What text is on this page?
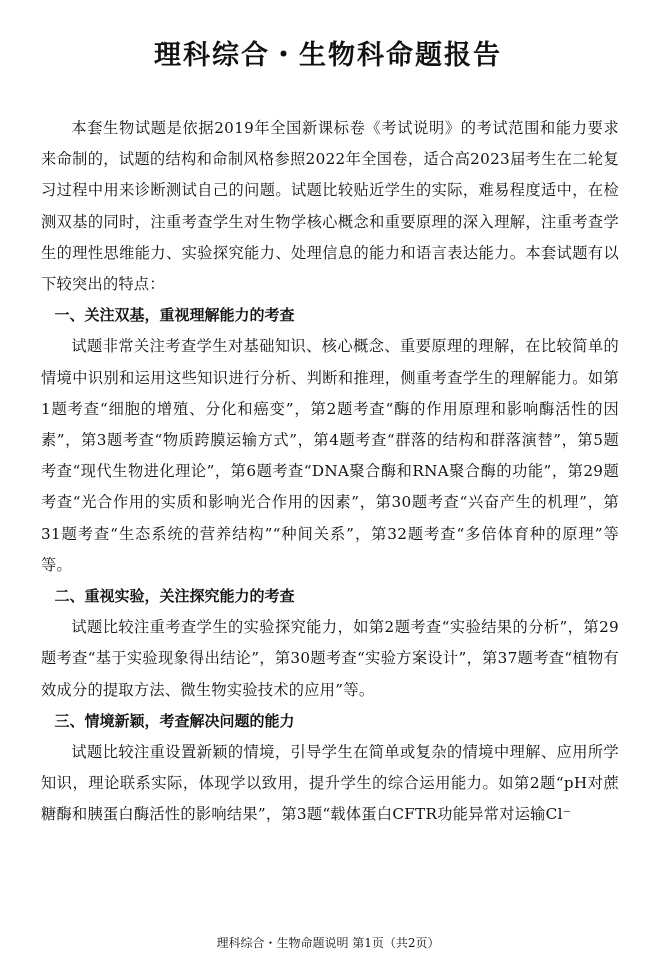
理科综合・生物科命题报告

本套生物试题是依据2019年全国新课标卷《考试说明》的考试范围和能力要求来命制的，试题的结构和命制风格参照2022年全国卷，适合高2023届考生在二轮复习过程中用来诊断测试自己的问题。试题比较贴近学生的实际，难易程度适中，在检测双基的同时，注重考查学生对生物学核心概念和重要原理的深入理解，注重考查学生的理性思维能力、实验探究能力、处理信息的能力和语言表达能力。本套试题有以下较突出的特点：

一、关注双基，重视理解能力的考查

试题非常关注考查学生对基础知识、核心概念、重要原理的理解，在比较简单的情境中识别和运用这些知识进行分析、判断和推理，侧重考查学生的理解能力。如第1题考查“细胞的增殖、分化和癌变”，第2题考查“酶的作用原理和影响酶活性的因素”，第3题考查“物质跨膜运输方式”，第4题考查“群落的结构和群落演替”，第5题考查“现代生物进化理论”，第6题考查“DNA聚合酶和RNA聚合酶的功能”，第29题考查“光合作用的实质和影响光合作用的因素”，第30题考查“兴奋产生的机理”，第31题考查“生态系统的营养结构”“种间关系”，第32题考查“多倍体育种的原理”等等。

二、重视实验，关注探究能力的考查

试题比较注重考查学生的实验探究能力，如第2题考查“实验结果的分析”，第29题考查“基于实验现象得出结论”，第30题考查“实验方案设计”，第37题考查“植物有效成分的提取方法、微生物实验技术的应用”等。

三、情境新颖，考查解决问题的能力

试题比较注重设置新颖的情境，引导学生在简单或复杂的情境中理解、应用所学知识，理论联系实际，体现学以致用，提升学生的综合运用能力。如第2题“pH对蔗糖酶和胰蛋白酶活性的影响结果”，第3题“载体蛋白CFTR功能异常对运输Cl⁻

理科综合・生物命题说明 第1页（共2页）
